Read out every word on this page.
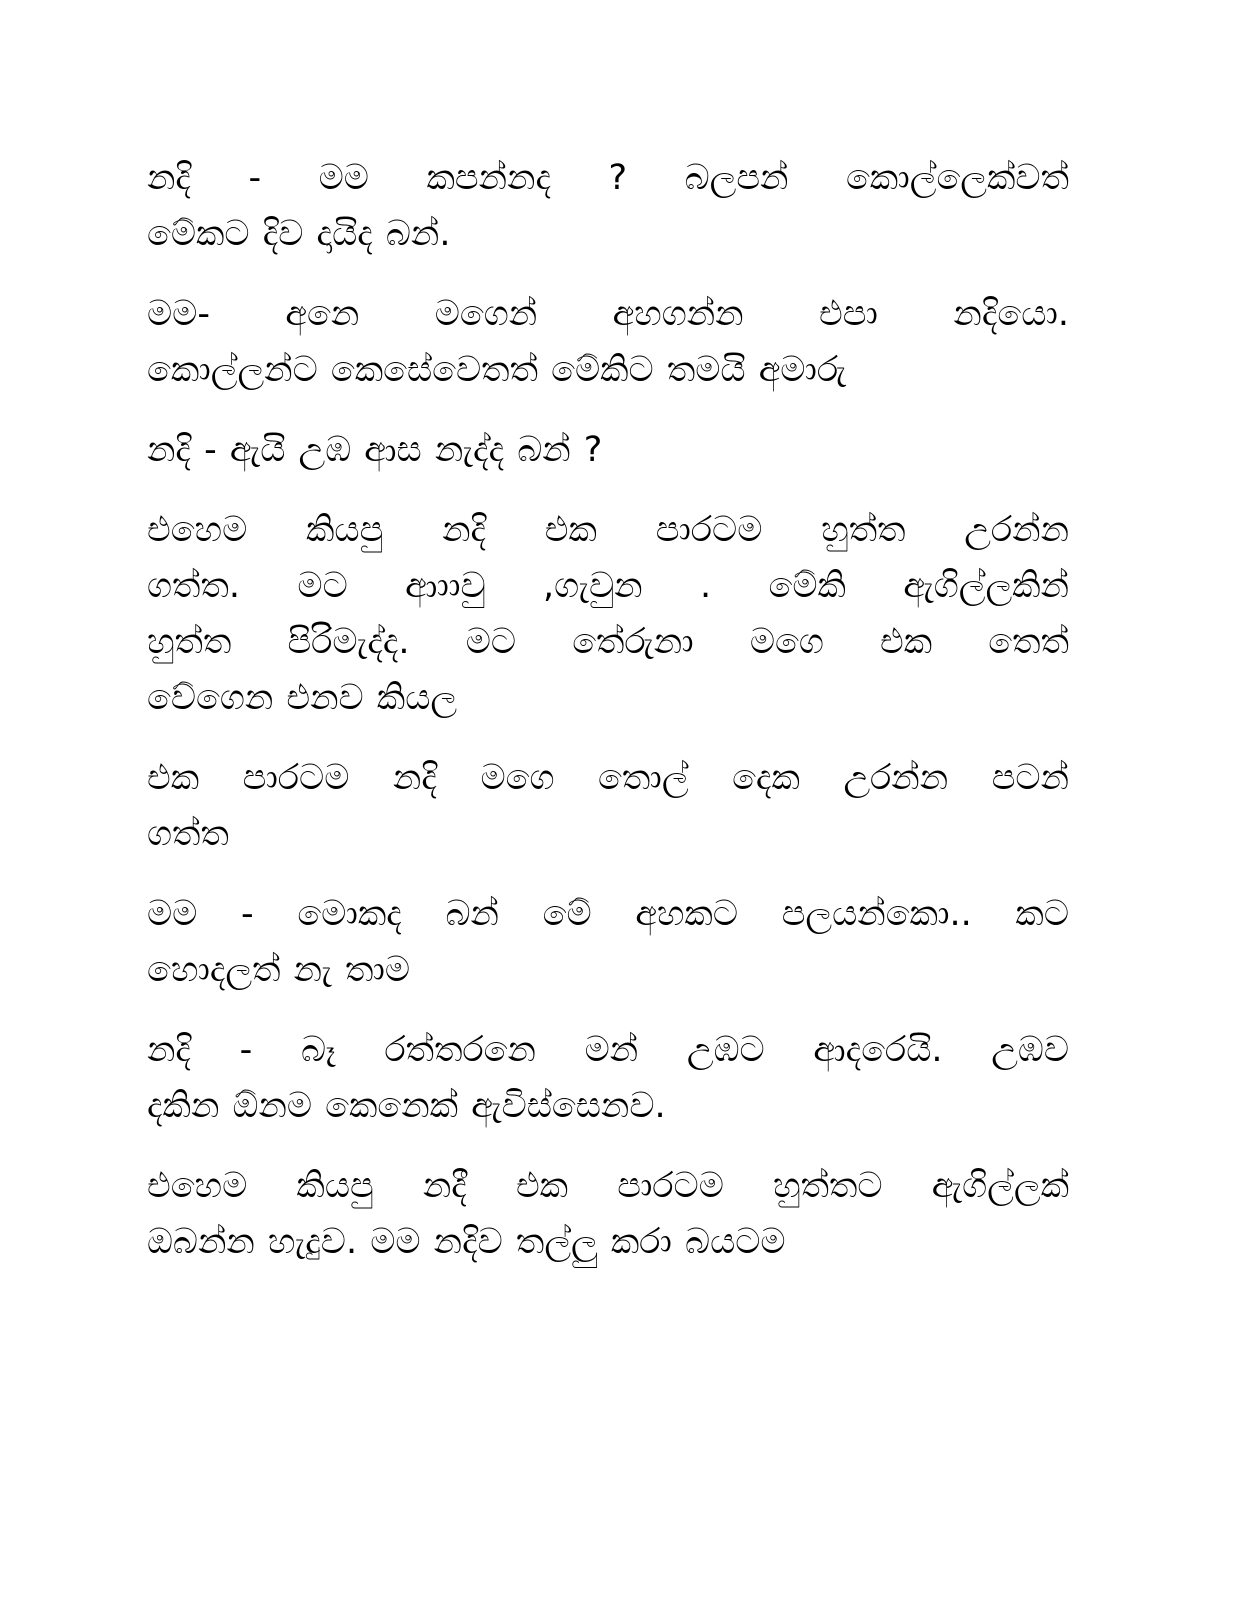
නදි - මම කපන්නද ? බලපන් කොල්ලෙක්වත්
මේකට දිව දායිද බන්.

මම- අනෙ මගෙන් අහගන්න එපා නදියො.
කොල්ලන්ට කෙසේවෙතත් මේකිට තමයි අමාරු

නදි - ඇයි උඹ ආස නැද්ද බන් ?

එහෙම කියපු නදි එක පාරටම හුත්ත උරන්න
ගත්ත. මට ආාාවු ,ගැවුන . මේකි ඇගිල්ලකින්
හුත්ත පිරිමැද්ද. මට තේරුනා මගෙ එක තෙත්
වේගෙන එනව කියල

එක පාරටම නදි මගෙ තොල් දෙක උරන්න පටන්
ගත්ත

මම - මොකද බන් මේ අහකට පලයන්කො.. කට
හොදලත් නැ තාම

නදි - බෑ රත්තරනෙ මන් උඹට ආදරෙයි. උඹව
දකින ඕනම කෙනෙක් ඇවිස්සෙනව.

එහෙම කියපු නදී එක පාරටම හුත්තට ඇගිල්ලක්
ඔබන්න හැදුව. මම නදිව තල්ලු කරා බයටම
